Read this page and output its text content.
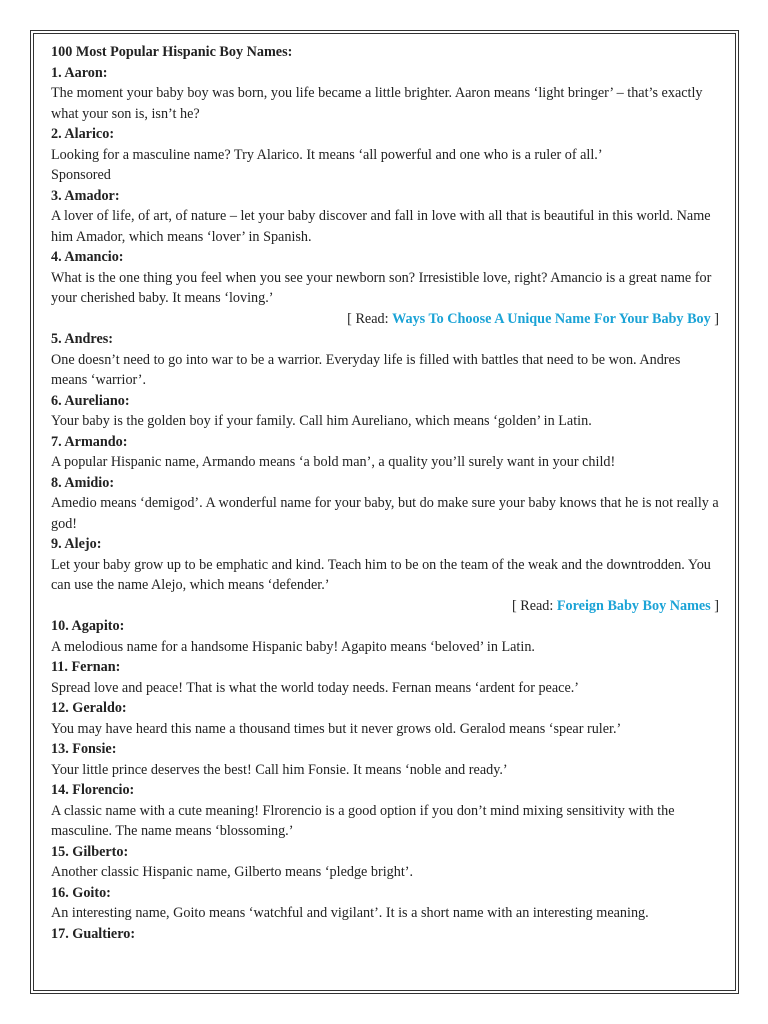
100 Most Popular Hispanic Boy Names:
1. Aaron:

The moment your baby boy was born, you life became a little brighter. Aaron means ‘light bringer’ – that’s exactly what your son is, isn’t he?

2. Alarico:

Looking for a masculine name? Try Alarico. It means ‘all powerful and one who is a ruler of all.’

Sponsored
3. Amador:

A lover of life, of art, of nature – let your baby discover and fall in love with all that is beautiful in this world. Name him Amador, which means ‘lover’ in Spanish.

4. Amancio:

What is the one thing you feel when you see your newborn son? Irresistible love, right? Amancio is a great name for your cherished baby. It means ‘loving.’

[ Read: Ways To Choose A Unique Name For Your Baby Boy ]
5. Andres:

One doesn’t need to go into war to be a warrior. Everyday life is filled with battles that need to be won. Andres means ‘warrior’.

6. Aureliano:

Your baby is the golden boy if your family. Call him Aureliano, which means ‘golden’ in Latin.

7. Armando:

A popular Hispanic name, Armando means ‘a bold man’, a quality you’ll surely want in your child!

8. Amidio:

Amedio means ‘demigod’. A wonderful name for your baby, but do make sure your baby knows that he is not really a god!

9. Alejo:

Let your baby grow up to be emphatic and kind. Teach him to be on the team of the weak and the downtrodden. You can use the name Alejo, which means ‘defender.’

[ Read: Foreign Baby Boy Names ]
10. Agapito:

A melodious name for a handsome Hispanic baby! Agapito means ‘beloved’ in Latin.

11. Fernan:

Spread love and peace! That is what the world today needs. Fernan means ‘ardent for peace.’

12. Geraldo:

You may have heard this name a thousand times but it never grows old. Geralod means ‘spear ruler.’

13. Fonsie:

Your little prince deserves the best! Call him Fonsie. It means ‘noble and ready.’

14. Florencio:

A classic name with a cute meaning! Flrorencio is a good option if you don’t mind mixing sensitivity with the masculine. The name means ‘blossoming.’

15. Gilberto:

Another classic Hispanic name, Gilberto means ‘pledge bright’.

16. Goito:

An interesting name, Goito means ‘watchful and vigilant’. It is a short name with an interesting meaning.

17. Gualtiero:
